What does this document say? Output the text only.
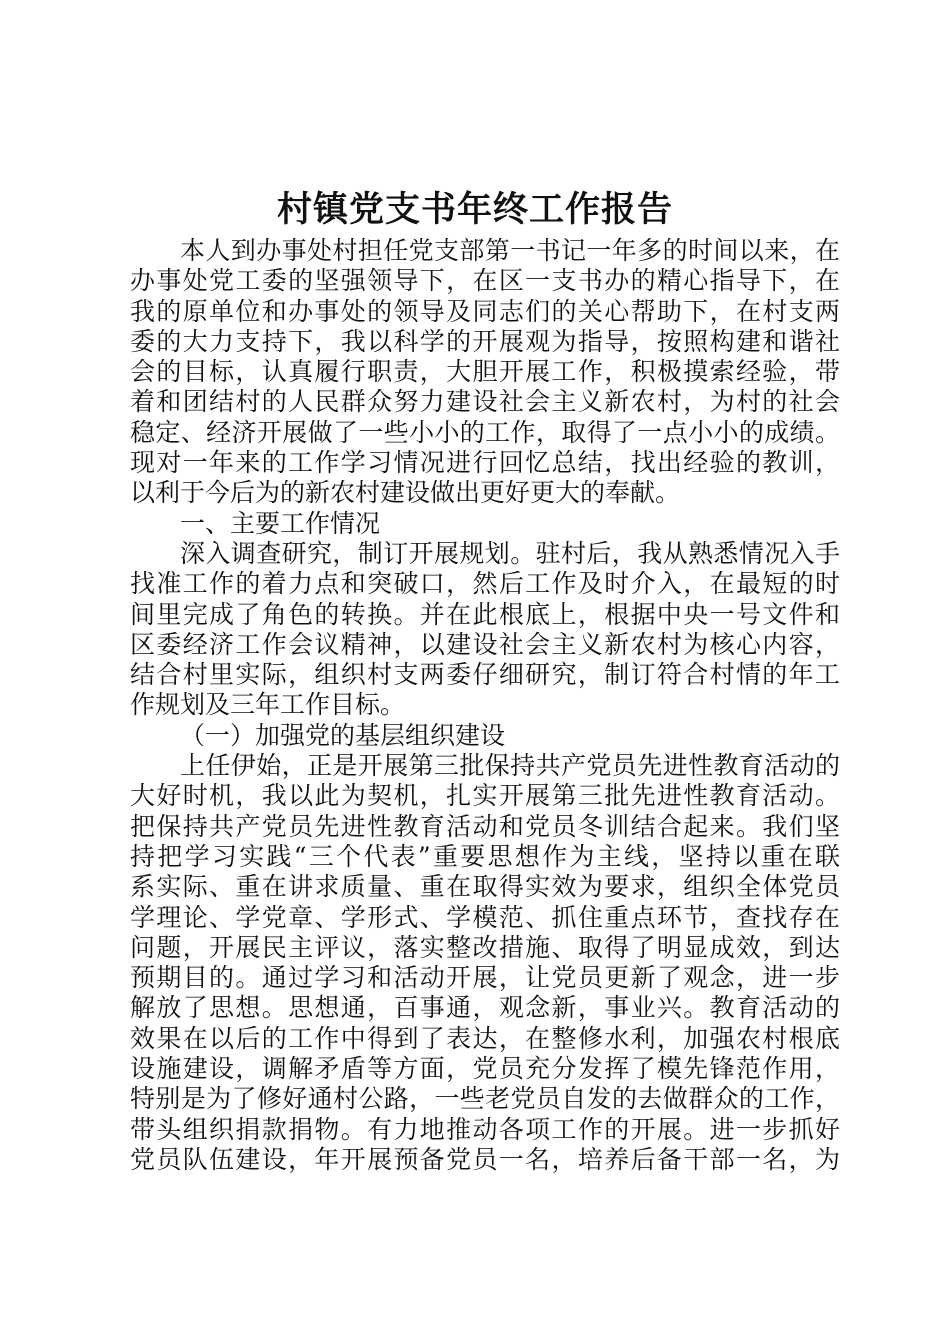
村镇党支书年终工作报告
本人到办事处村担任党支部第一书记一年多的时间以来，在
办事处党工委的坚强领导下，在区一支书办的精心指导下，在
我的原单位和办事处的领导及同志们的关心帮助下，在村支两
委的大力支持下，我以科学的开展观为指导，按照构建和谐社
会的目标，认真履行职责，大胆开展工作，积极摸索经验，带
着和团结村的人民群众努力建设社会主义新农村，为村的社会
稳定、经济开展做了一些小小的工作，取得了一点小小的成绩。
现对一年来的工作学习情况进行回忆总结，找出经验的教训，
以利于今后为的新农村建设做出更好更大的奉献。
一、主要工作情况
深入调查研究，制订开展规划。驻村后，我从熟悉情况入手
找准工作的着力点和突破口，然后工作及时介入，在最短的时
间里完成了角色的转换。并在此根底上，根据中央一号文件和
区委经济工作会议精神，以建设社会主义新农村为核心内容，
结合村里实际，组织村支两委仔细研究，制订符合村情的年工
作规划及三年工作目标。
（一）加强党的基层组织建设
上任伊始，正是开展第三批保持共产党员先进性教育活动的
大好时机，我以此为契机，扎实开展第三批先进性教育活动。
把保持共产党员先进性教育活动和党员冬训结合起来。我们坚
持把学习实践“三个代表”重要思想作为主线，坚持以重在联
系实际、重在讲求质量、重在取得实效为要求，组织全体党员
学理论、学党章、学形式、学模范、抓住重点环节，查找存在
问题，开展民主评议，落实整改措施、取得了明显成效，到达
预期目的。通过学习和活动开展，让党员更新了观念，进一步
解放了思想。思想通，百事通，观念新，事业兴。教育活动的
效果在以后的工作中得到了表达，在整修水利，加强农村根底
设施建设，调解矛盾等方面，党员充分发挥了模先锋范作用，
特别是为了修好通村公路，一些老党员自发的去做群众的工作，
带头组织捐款捐物。有力地推动各项工作的开展。进一步抓好
党员队伍建设，年开展预备党员一名，培养后备干部一名，为
